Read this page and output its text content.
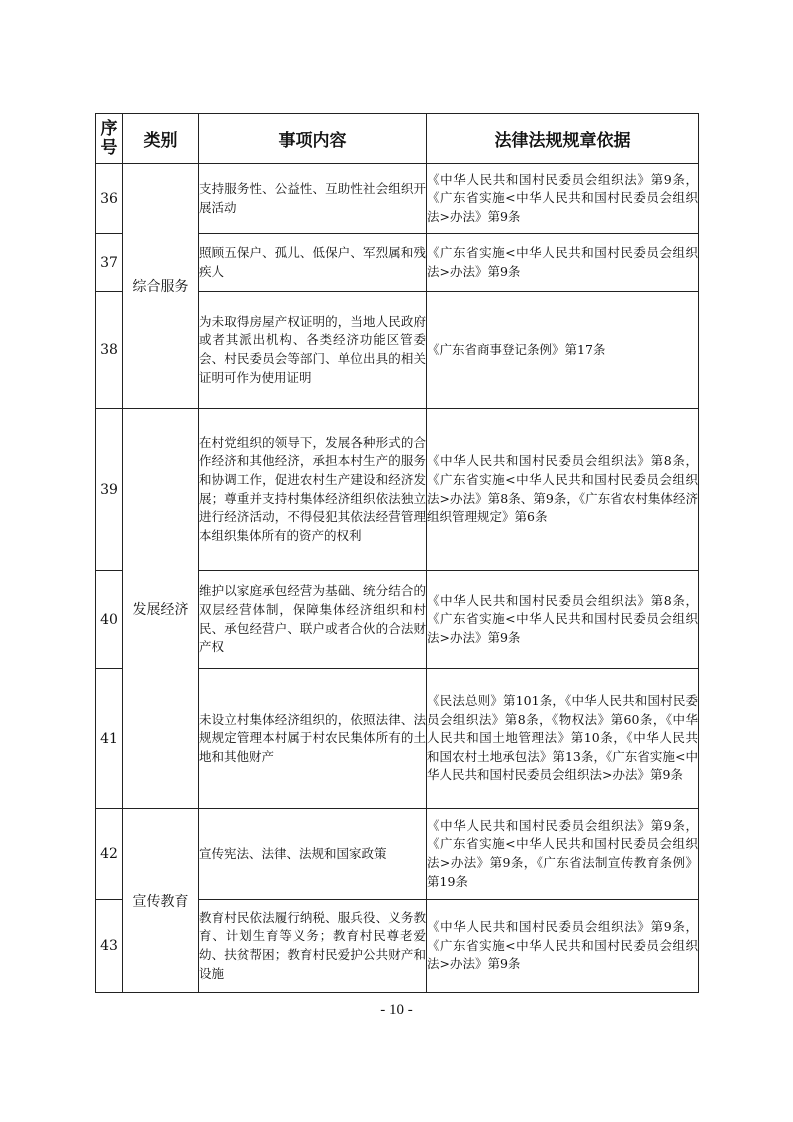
序号	类别	事项内容	法律法规规章依据
36	综合服务	支持服务性、公益性、互助性社会组织开展活动	《中华人民共和国村民委员会组织法》第9条，《广东省实施<中华人民共和国村民委员会组织法>办法》第9条
37		照顾五保户、孤儿、低保户、军烈属和残疾人	《广东省实施<中华人民共和国村民委员会组织法>办法》第9条
38		为未取得房屋产权证明的，当地人民政府或者其派出机构、各类经济功能区管委会、村民委员会等部门、单位出具的相关证明可作为使用证明	《广东省商事登记条例》第17条
39	发展经济	在村党组织的领导下，发展各种形式的合作经济和其他经济，承担本村生产的服务和协调工作，促进农村生产建设和经济发展；尊重并支持村集体经济组织依法独立进行经济活动，不得侵犯其依法经营管理本组织集体所有的资产的权利	《中华人民共和国村民委员会组织法》第8条，《广东省实施<中华人民共和国村民委员会组织法>办法》第8条、第9条，《广东省农村集体经济组织管理规定》第6条
40		维护以家庭承包经营为基础、统分结合的双层经营体制，保障集体经济组织和村民、承包经营户、联户或者合伙的合法财产权	《中华人民共和国村民委员会组织法》第8条，《广东省实施<中华人民共和国村民委员会组织法>办法》第9条
41		未设立村集体经济组织的，依照法律、法规规定管理本村属于村农民集体所有的土地和其他财产	《民法总则》第101条，《中华人民共和国村民委员会组织法》第8条，《物权法》第60条，《中华人民共和国土地管理法》第10条，《中华人民共和国农村土地承包法》第13条，《广东省实施<中华人民共和国村民委员会组织法>办法》第9条
42	宣传教育	宣传宪法、法律、法规和国家政策	《中华人民共和国村民委员会组织法》第9条，《广东省实施<中华人民共和国村民委员会组织法>办法》第9条，《广东省法制宣传教育条例》第19条
43		教育村民依法履行纳税、服兵役、义务教育、计划生育等义务；教育村民尊老爱幼、扶贫帮困；教育村民爱护公共财产和设施	《中华人民共和国村民委员会组织法》第9条，《广东省实施<中华人民共和国村民委员会组织法>办法》第9条
- 10 -
